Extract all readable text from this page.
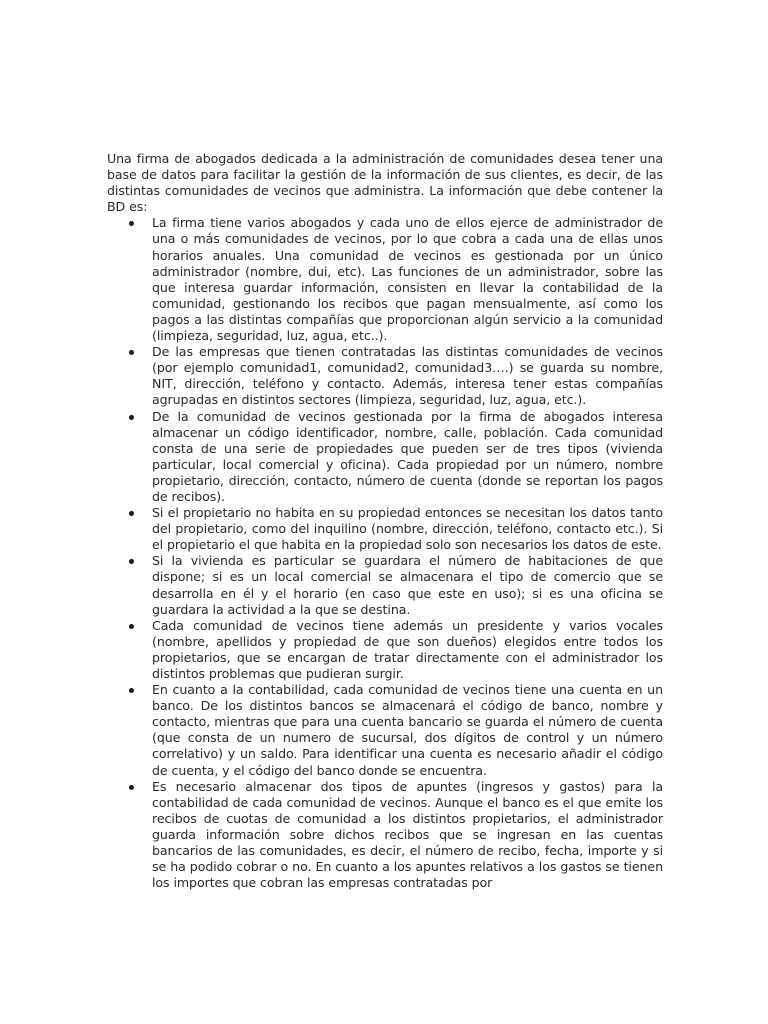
Una firma de abogados dedicada a la administración de comunidades desea tener una base de datos para facilitar la gestión de la información de sus clientes, es decir, de las distintas comunidades de vecinos que administra. La información que debe contener la BD es:

La firma tiene varios abogados y cada uno de ellos ejerce de administrador de una o más comunidades de vecinos, por lo que cobra a cada una de ellas unos horarios anuales. Una comunidad de vecinos es gestionada por un único administrador (nombre, dui, etc). Las funciones de un administrador, sobre las que interesa guardar información, consisten en llevar la contabilidad de la comunidad, gestionando los recibos que pagan mensualmente, así como los pagos a las distintas compañías que proporcionan algún servicio a la comunidad (limpieza, seguridad, luz, agua, etc..).
De las empresas que tienen contratadas las distintas comunidades de vecinos (por ejemplo comunidad1, comunidad2, comunidad3….) se guarda su nombre, NIT, dirección, teléfono y contacto. Además, interesa tener estas compañías agrupadas en distintos sectores (limpieza, seguridad, luz, agua, etc.).
De la comunidad de vecinos gestionada por la firma de abogados interesa almacenar un código identificador, nombre, calle, población. Cada comunidad consta de una serie de propiedades que pueden ser de tres tipos (vivienda particular, local comercial y oficina). Cada propiedad por un número, nombre propietario, dirección, contacto, número de cuenta (donde se reportan los pagos de recibos).
Si el propietario no habita en su propiedad entonces se necesitan los datos tanto del propietario, como del inquilino (nombre, dirección, teléfono, contacto etc.). Si el propietario el que habita en la propiedad solo son necesarios los datos de este.
Si la vivienda es particular se guardara el número de habitaciones de que dispone; si es un local comercial se almacenara el tipo de comercio que se desarrolla en él y el horario (en caso que este en uso); si es una oficina se guardara la actividad a la que se destina.
Cada comunidad de vecinos tiene además un presidente y varios vocales (nombre, apellidos y propiedad de que son dueños) elegidos entre todos los propietarios, que se encargan de tratar directamente con el administrador los distintos problemas que pudieran surgir.
En cuanto a la contabilidad, cada comunidad de vecinos tiene una cuenta en un banco. De los distintos bancos se almacenará el código de banco, nombre y contacto, mientras que para una cuenta bancario se guarda el número de cuenta (que consta de un numero de sucursal, dos dígitos de control y un número correlativo) y un saldo. Para identificar una cuenta es necesario añadir el código de cuenta, y el código del banco donde se encuentra.
Es necesario almacenar dos tipos de apuntes (ingresos y gastos) para la contabilidad de cada comunidad de vecinos. Aunque el banco es el que emite los recibos de cuotas de comunidad a los distintos propietarios, el administrador guarda información sobre dichos recibos que se ingresan en las cuentas bancarios de las comunidades, es decir, el número de recibo, fecha, importe y si se ha podido cobrar o no. En cuanto a los apuntes relativos a los gastos se tienen los importes que cobran las empresas contratadas por
